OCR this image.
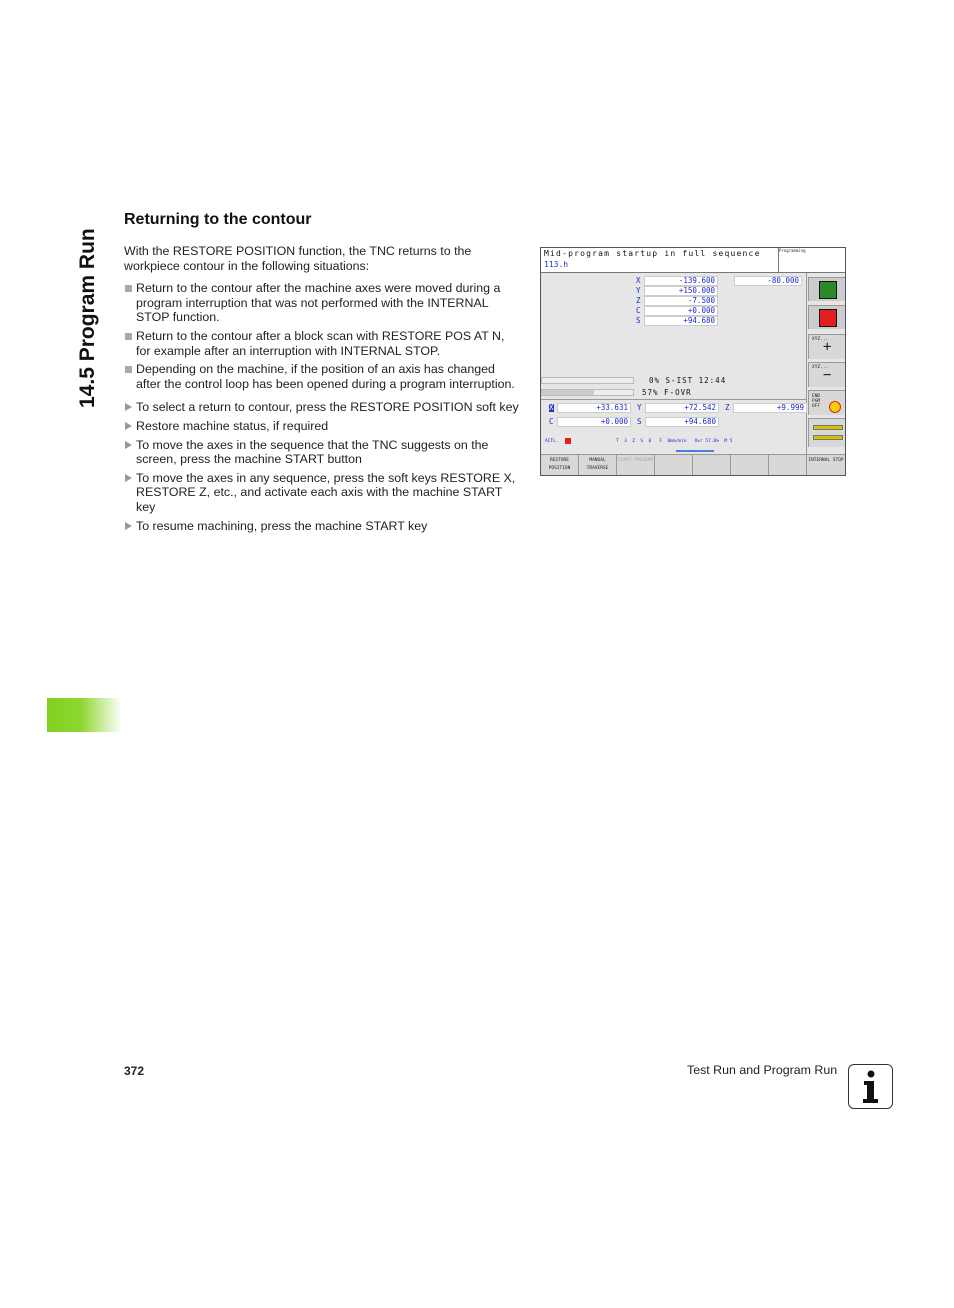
14.5 Program Run
Returning to the contour

With the RESTORE POSITION function, the TNC returns to the workpiece contour in the following situations:

Return to the contour after the machine axes were moved during a program interruption that was not performed with the INTERNAL STOP function.
Return to the contour after a block scan with RESTORE POS AT N, for example after an interruption with INTERNAL STOP.
Depending on the machine, if the position of an axis has changed after the control loop has been opened during a program interruption.
To select a return to contour, press the RESTORE POSITION soft key
Restore machine status, if required
To move the axes in the sequence that the TNC suggests on the screen, press the machine START button
To move the axes in any sequence, press the soft keys RESTORE X, RESTORE Z, etc., and activate each axis with the machine START key
To resume machining, press the machine START key
Mid-program startup in full sequence
113.h
Programming
X	-139.600
Y	+150.000
Z	-7.500
C	+0.000
S	+94.680
-80.000
0% S-IST 12:44
57% F-OVR
X	+33.631	Y	+72.542	Z	+9.999
C	+0.000	S	+94.680
ACTL.	T  3  Z  S  0   F  0mm/min   Ovr 57.0%  M 5
XYZ...
+
XYZ...
−
END PGM OFF
RESTORE POSITION
MANUAL TRAVERSE
START PROGRAM	INTERNAL STOP
372	Test Run and Program Run
